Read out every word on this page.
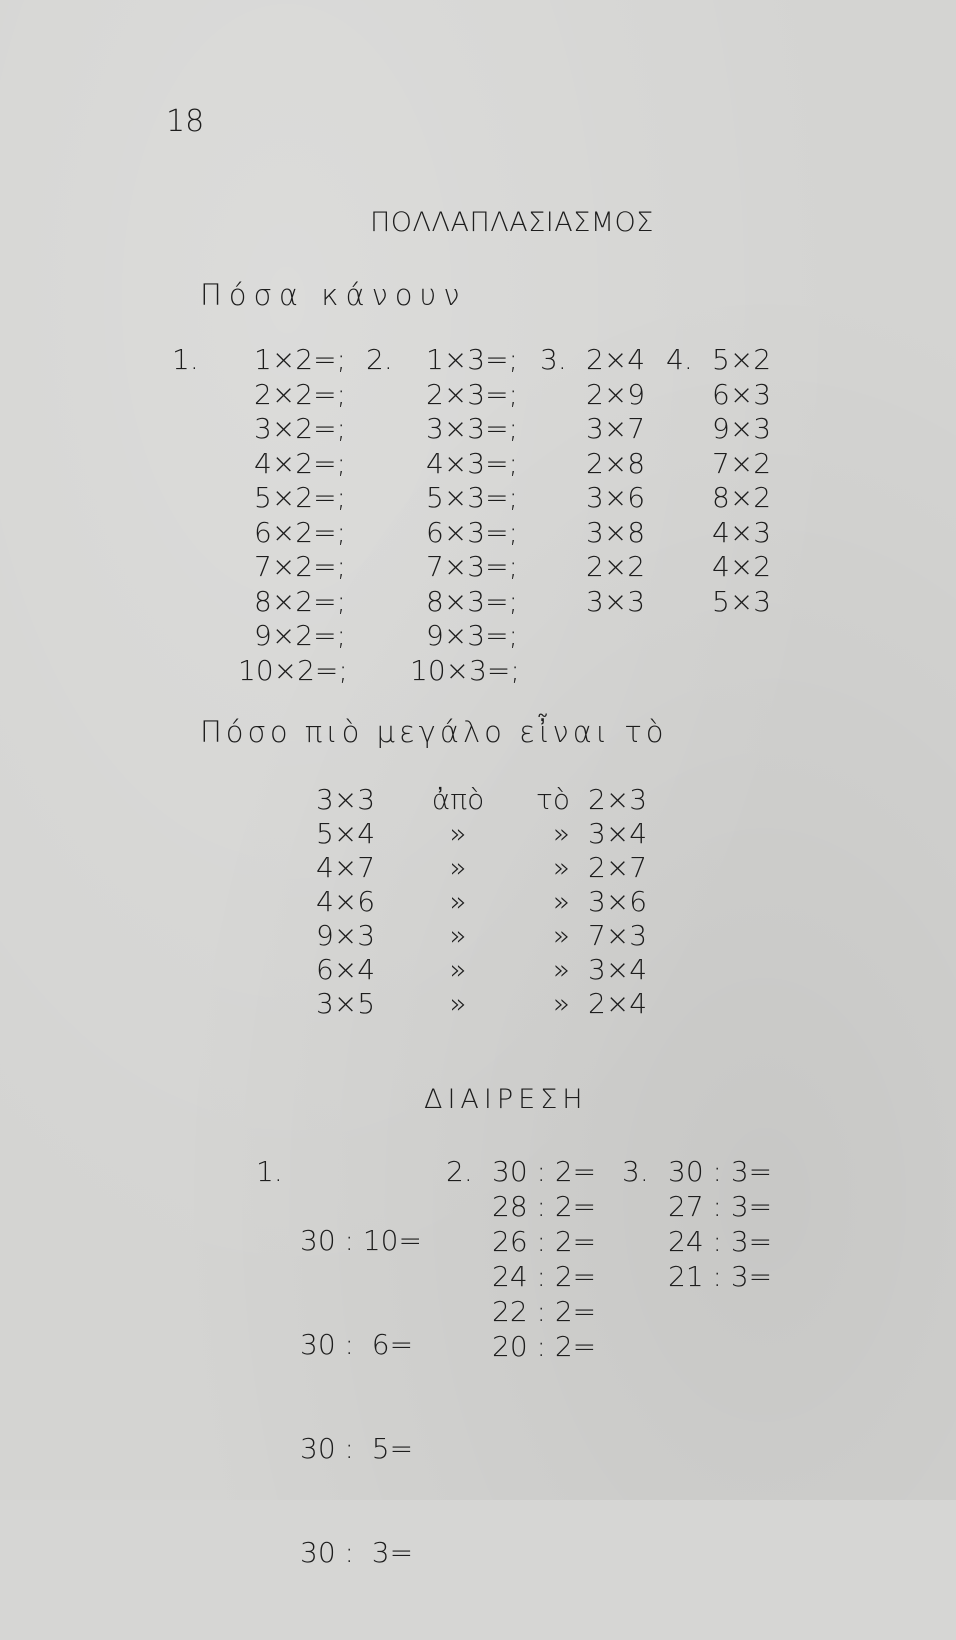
18
ΠΟΛΛΑΠΛΑΣΙΑΣΜΟΣ
Πόσα κάνουν
1.	1×2=;
2×2=;
3×2=;
4×2=;
5×2=;
6×2=;
7×2=;
8×2=;
9×2=;
10×2=;
2.	1×3=;
2×3=;
3×3=;
4×3=;
5×3=;
6×3=;
7×3=;
8×3=;
9×3=;
10×3=;
3. 2×4
2×9
3×7
2×8
3×6
3×8
2×2
3×3
4. 5×2
6×3
9×3
7×2
8×2
4×3
4×2
5×3
Πόσο πιὸ μεγάλο εἶναι τὸ
3×3
5×4
4×7
4×6
9×3
6×4
3×5
ἀπὸ
»
»
»
»
»
»
τὸ
»
»
»
»
»
»
2×3
3×4
2×7
3×6
7×3
3×4
2×4
ΔΙΑΙΡΕΣΗ
1.

30 : 10=

30 :  6=

30 :  5=

30 :  3=

2. 30 : 2=
28 : 2=
26 : 2=
24 : 2=
22 : 2=
20 : 2=
3. 30 : 3=
27 : 3=
24 : 3=
21 : 3=
